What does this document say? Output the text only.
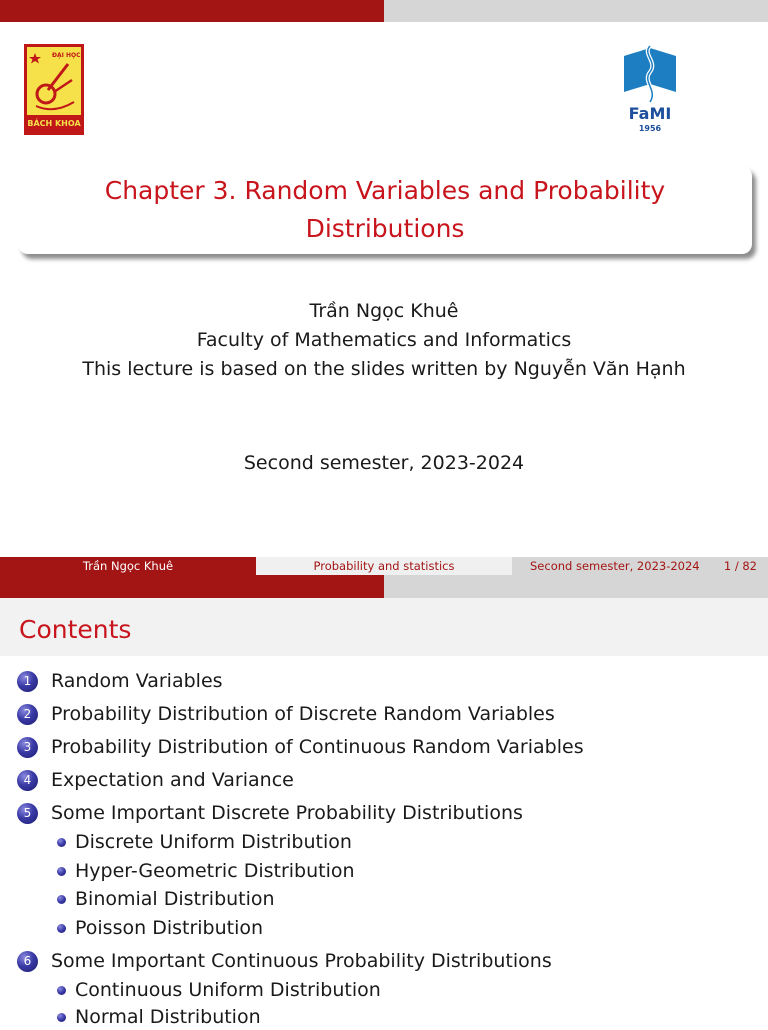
ĐẠI HỌC
BÁCH KHOA
FaMI
1956
Chapter 3. Random Variables and Probability
Distributions
Trần Ngọc Khuê
Faculty of Mathematics and Informatics
This lecture is based on the slides written by Nguyễn Văn Hạnh
Second semester, 2023-2024
Trần Ngọc Khuê	Probability and statistics	Second semester, 2023-2024 1 / 82
Contents
1	Random Variables
2	Probability Distribution of Discrete Random Variables
3	Probability Distribution of Continuous Random Variables
4	Expectation and Variance
5	Some Important Discrete Probability Distributions
Discrete Uniform Distribution
Hyper-Geometric Distribution
Binomial Distribution
Poisson Distribution
6	Some Important Continuous Probability Distributions
Continuous Uniform Distribution
Normal Distribution
